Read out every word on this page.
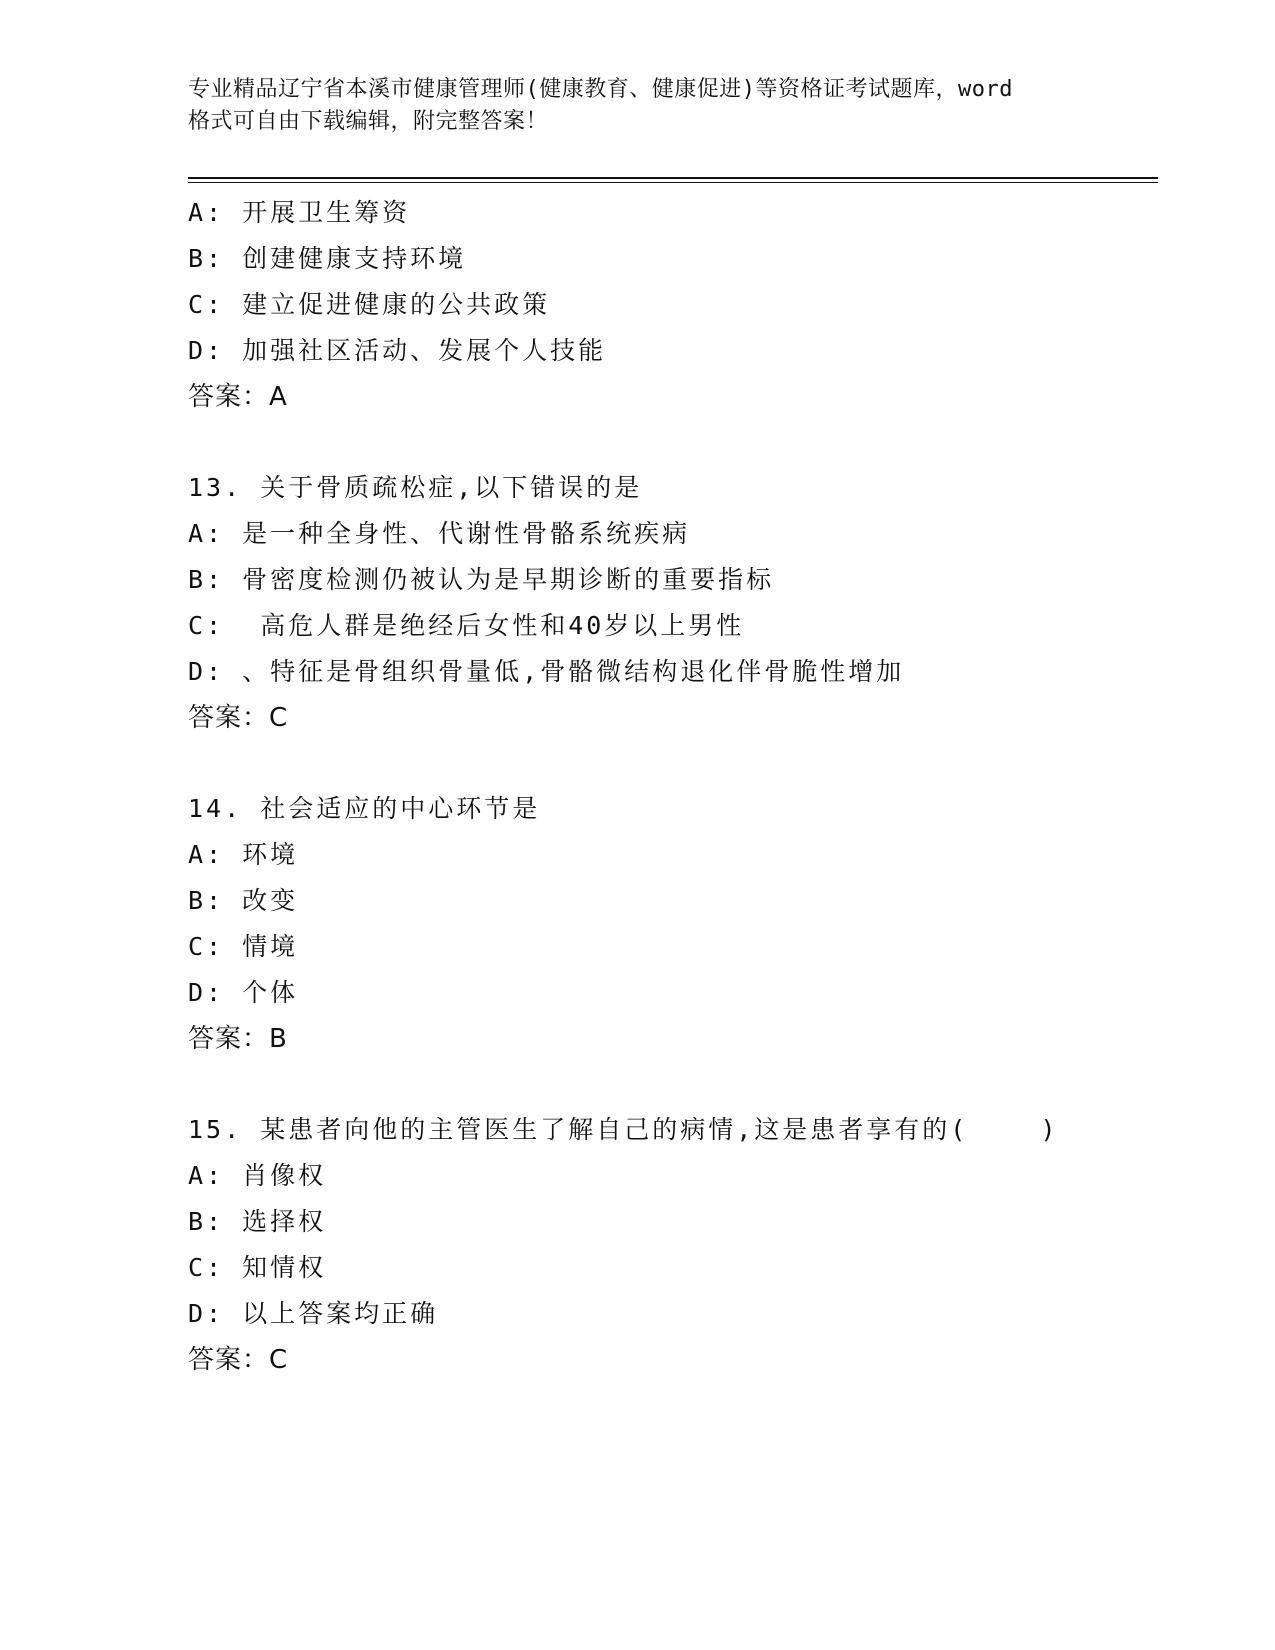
专业精品辽宁省本溪市健康管理师(健康教育、健康促进)等资格证考试题库，word
格式可自由下载编辑，附完整答案！
A: 开展卫生筹资
B: 创建健康支持环境
C: 建立促进健康的公共政策
D: 加强社区活动、发展个人技能
答案：A
13. 关于骨质疏松症,以下错误的是
A: 是一种全身性、代谢性骨骼系统疾病
B: 骨密度检测仍被认为是早期诊断的重要指标
C:  高危人群是绝经后女性和40岁以上男性
D: 、特征是骨组织骨量低,骨骼微结构退化伴骨脆性增加
答案：C
14. 社会适应的中心环节是
A: 环境
B: 改变
C: 情境
D: 个体
答案：B
15. 某患者向他的主管医生了解自己的病情,这是患者享有的(    )
A: 肖像权
B: 选择权
C: 知情权
D: 以上答案均正确
答案：C
